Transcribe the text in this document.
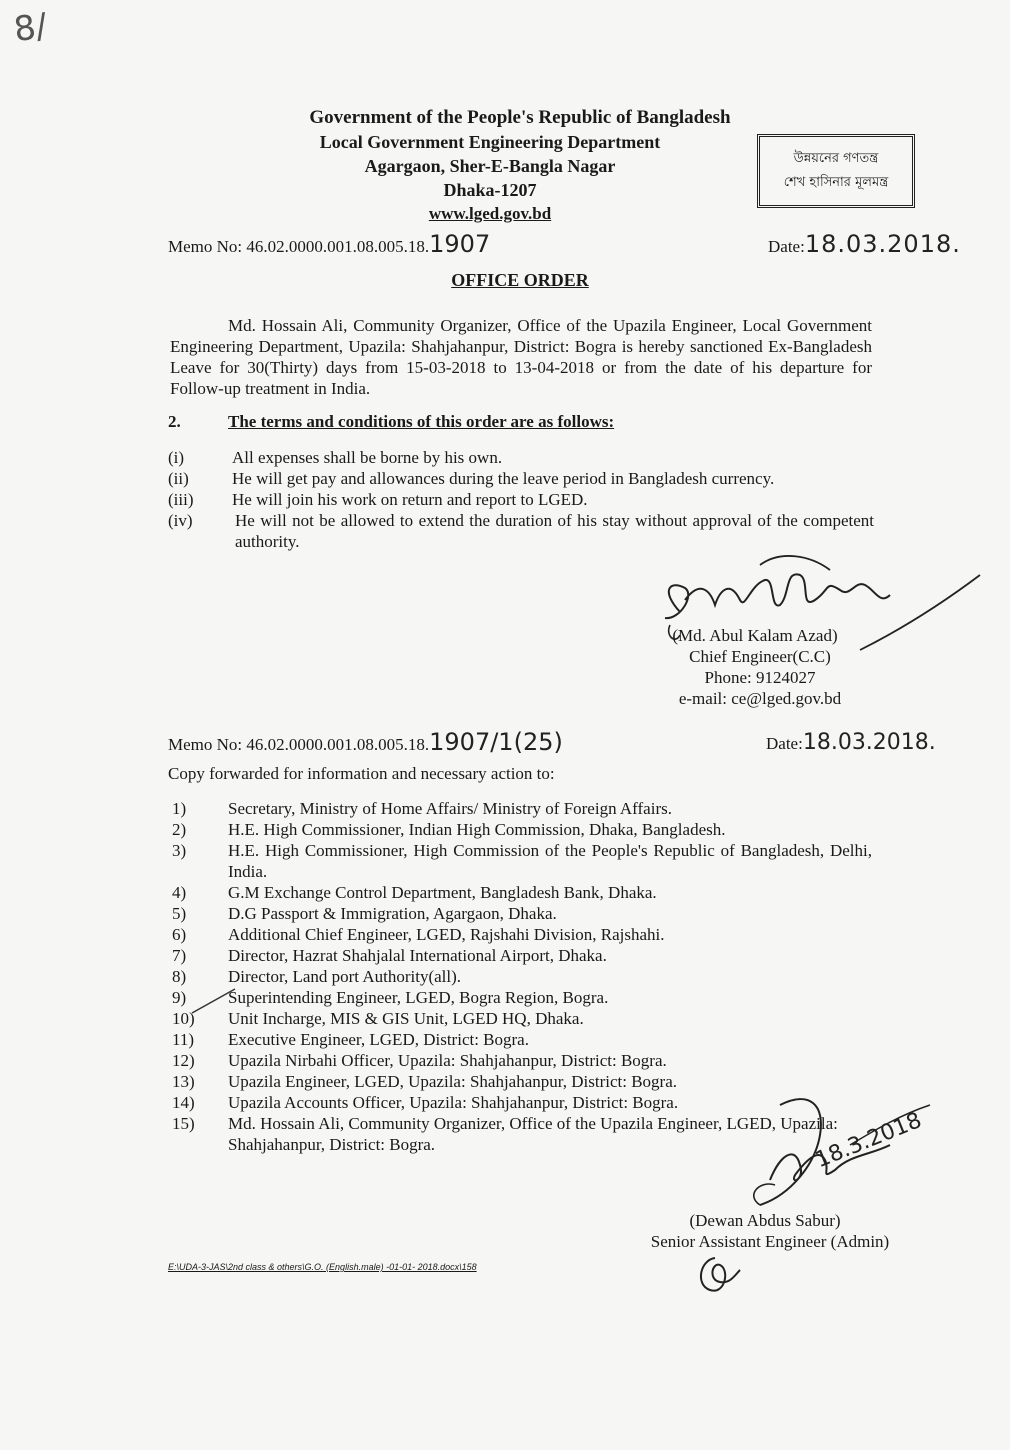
8/
Government of the People's Republic of Bangladesh
Local Government Engineering Department
Agargaon, Sher-E-Bangla Nagar
Dhaka-1207
www.lged.gov.bd
উন্নয়নের গণতন্ত্র
শেখ হাসিনার মূলমন্ত্র
Memo No: 46.02.0000.001.08.005.18.1907	Date:18.03.2018.
OFFICE ORDER
Md. Hossain Ali, Community Organizer, Office of the Upazila Engineer, Local Government Engineering Department, Upazila: Shahjahanpur, District: Bogra is hereby sanctioned Ex-Bangladesh Leave for 30(Thirty) days from 15-03-2018 to 13-04-2018 or from the date of his departure for Follow-up treatment in India.
2.	The terms and conditions of this order are as follows:
(i)	All expenses shall be borne by his own.
(ii)	He will get pay and allowances during the leave period in Bangladesh currency.
(iii)	He will join his work on return and report to LGED.
(iv)	He will not be allowed to extend the duration of his stay without approval of the competent authority.
(Md. Abul Kalam Azad)
Chief Engineer(C.C)
Phone: 9124027
e-mail: ce@lged.gov.bd
Memo No: 46.02.0000.001.08.005.18.1907/1(25)	Date:18.03.2018.
Copy forwarded for information and necessary action to:
1)	Secretary, Ministry of Home Affairs/ Ministry of Foreign Affairs.
2)	H.E. High Commissioner, Indian High Commission, Dhaka, Bangladesh.
3)	H.E. High Commissioner, High Commission of the People's Republic of Bangladesh, Delhi, India.
4)	G.M Exchange Control Department, Bangladesh Bank, Dhaka.
5)	D.G Passport & Immigration, Agargaon, Dhaka.
6)	Additional Chief Engineer, LGED, Rajshahi Division, Rajshahi.
7)	Director, Hazrat Shahjalal International Airport, Dhaka.
8)	Director, Land port Authority(all).
9)	Superintending Engineer, LGED, Bogra Region, Bogra.
10)	Unit Incharge, MIS & GIS Unit, LGED HQ, Dhaka.
11)	Executive Engineer, LGED, District: Bogra.
12)	Upazila Nirbahi Officer, Upazila: Shahjahanpur, District: Bogra.
13)	Upazila Engineer, LGED, Upazila: Shahjahanpur, District: Bogra.
14)	Upazila Accounts Officer, Upazila: Shahjahanpur, District: Bogra.
15)	Md. Hossain Ali, Community Organizer, Office of the Upazila Engineer, LGED, Upazila: Shahjahanpur, District: Bogra.	18.3.2018
(Dewan Abdus Sabur)
Senior Assistant Engineer (Admin)
E:\UDA-3-JAS\2nd class & others\G.O. (English.male) -01-01- 2018.docx\158
